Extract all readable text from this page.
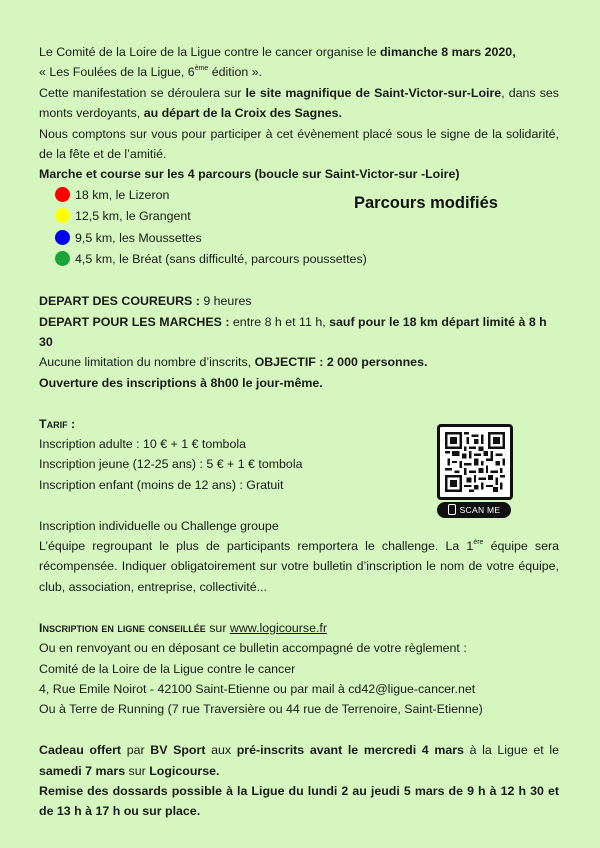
Le Comité de la Loire de la Ligue contre le cancer organise le dimanche 8 mars 2020,

« Les Foulées de la Ligue, 6ème édition ».

Cette manifestation se déroulera sur le site magnifique de Saint-Victor-sur-Loire, dans ses monts verdoyants, au départ de la Croix des Sagnes.

Nous comptons sur vous pour participer à cet évènement placé sous le signe de la solidarité, de la fête et de l’amitié.

Marche et course sur les 4 parcours (boucle sur Saint-Victor-sur -Loire)

Parcours modifiés
18 km, le Lizeron
12,5 km, le Grangent
9,5 km, les Moussettes
4,5 km, le Bréat (sans difficulté, parcours poussettes)

DEPART DES COUREURS : 9 heures

DEPART POUR LES MARCHES : entre 8 h et 11 h, sauf pour le 18 km départ limité à 8 h 30

Aucune limitation du nombre d’inscrits, OBJECTIF : 2 000 personnes.

Ouverture des inscriptions à 8h00 le jour-même.

Tarif :

Inscription adulte : 10 € + 1 € tombola

Inscription jeune (12-25 ans) : 5 € + 1 € tombola

Inscription enfant (moins de 12 ans) : Gratuit

SCAN ME

Inscription individuelle ou Challenge groupe

L’équipe regroupant le plus de participants remportera le challenge. La 1ère équipe sera récompensée. Indiquer obligatoirement sur votre bulletin d’inscription le nom de votre équipe, club, association, entreprise, collectivité...

Inscription en ligne conseillée sur www.logicourse.fr

Ou en renvoyant ou en déposant ce bulletin accompagné de votre règlement :

Comité de la Loire de la Ligue contre le cancer

4, Rue Emile Noirot - 42100 Saint-Etienne ou par mail à cd42@ligue-cancer.net

Ou à Terre de Running (7 rue Traversière ou 44 rue de Terrenoire, Saint-Etienne)

Cadeau offert par BV Sport aux pré-inscrits avant le mercredi 4 mars à la Ligue et le samedi 7 mars sur Logicourse.

Remise des dossards possible à la Ligue du lundi 2 au jeudi 5 mars de 9 h à 12 h 30 et de 13 h à 17 h ou sur place.
